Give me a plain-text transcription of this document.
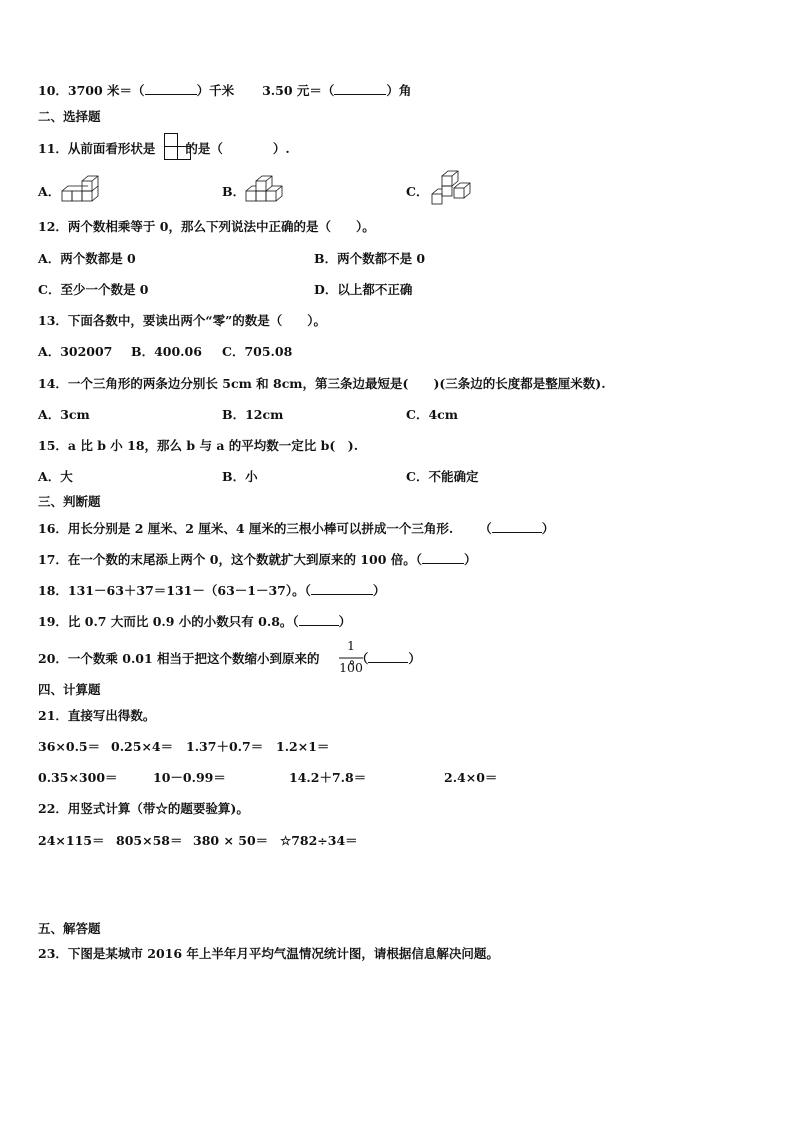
10．3700 米＝（	）千米 3.50 元＝（	）角
二、选择题
11．从前面看形状是 的是（　　　　）.
A．	B．	C．
12．两个数相乘等于 0，那么下列说法中正确的是（　　）。
A．两个数都是 0	B．两个数都不是 0
C．至少一个数是 0	D．以上都不正确
13．下面各数中，要读出两个“零”的数是（　　）。
A．302007 B．400.06 C．705.08
14．一个三角形的两条边分别长 5cm 和 8cm，第三条边最短是(　　)(三条边的长度都是整厘米数).
A．3cm	B．12cm	C．4cm
15．a 比 b 小 18，那么 b 与 a 的平均数一定比 b(　).
A．大	B．小	C．不能确定
三、判断题
16．用长分别是 2 厘米、2 厘米、4 厘米的三根小棒可以拼成一个三角形. （	）
17．在一个数的末尾添上两个 0，这个数就扩大到原来的 100 倍。（	）
18．131－63＋37＝131－（63－1－37）。（	）
19．比 0.7 大而比 0.9 小的小数只有 0.8。（	）
20．一个数乘 0.01 相当于把这个数缩小到原来的 。（	）
1
100
四、计算题
21．直接写出得数。
36×0.5＝ 0.25×4＝ 1.37＋0.7＝ 1.2×1＝
0.35×300＝	10－0.99＝	14.2＋7.8＝	2.4×0＝
22．用竖式计算（带☆的题要验算)。
24×115＝ 805×58＝ 380 × 50＝ ☆782÷34＝
五、解答题
23．下图是某城市 2016 年上半年月平均气温情况统计图，请根据信息解决问题。
